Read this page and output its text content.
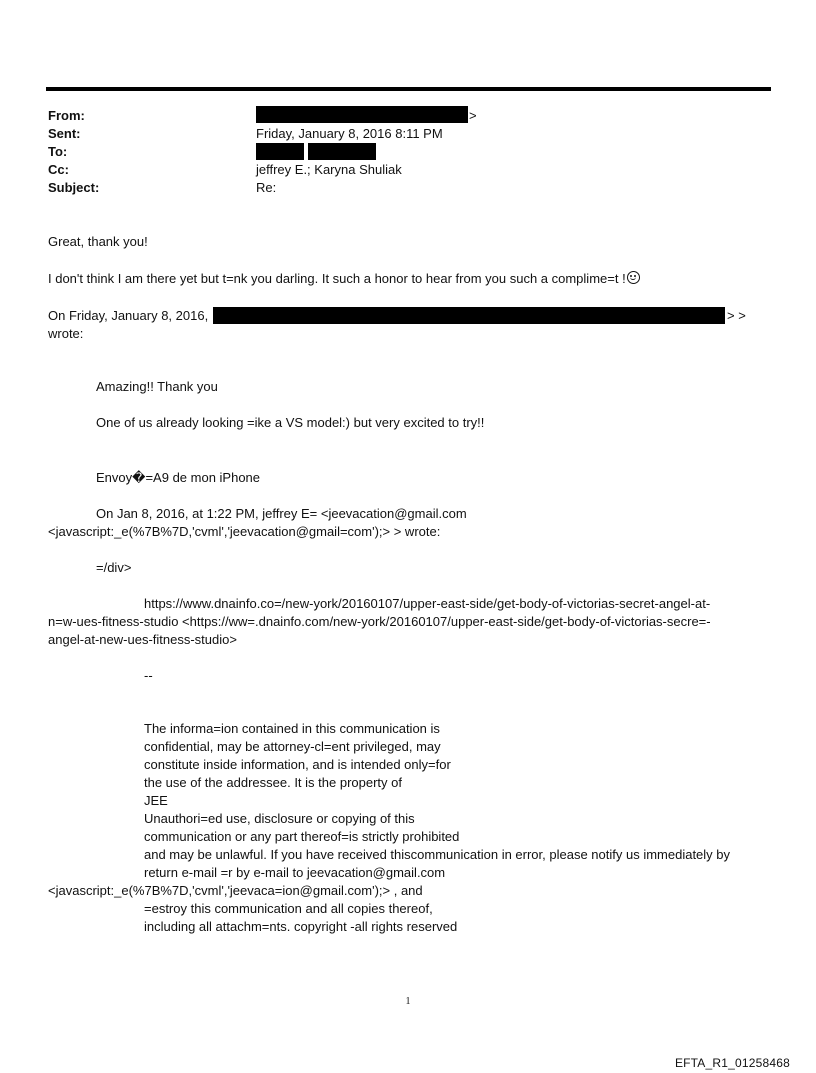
From:	>
Sent:	Friday, January 8, 2016 8:11 PM
To:
Cc:	jeffrey E.; Karyna Shuliak
Subject:	Re:
Great, thank you!
I don't think I am there yet but t=nk you darling. It such a honor to hear from you such a complime=t !
On Friday, January 8, 2016,	> >
wrote:
Amazing!! Thank you
One of us already looking =ike a VS model:) but very excited to try!!
Envoy�=A9 de mon iPhone
On Jan 8, 2016, at 1:22 PM, jeffrey E= <jeevacation@gmail.com
<javascript:_e(%7B%7D,'cvml','jeevacation@gmail=com');> > wrote:
=/div>
https://www.dnainfo.co=/new-york/20160107/upper-east-side/get-body-of-victorias-secret-angel-at-
n=w-ues-fitness-studio <https://ww=.dnainfo.com/new-york/20160107/upper-east-side/get-body-of-victorias-secre=-
angel-at-new-ues-fitness-studio>
--
The informa=ion contained in this communication is
confidential, may be attorney-cl=ent privileged, may
constitute inside information, and is intended only=for
the use of the addressee. It is the property of
JEE
Unauthori=ed use, disclosure or copying of this
communication or any part thereof=is strictly prohibited
and may be unlawful. If you have received thiscommunication in error, please notify us immediately by
return e-mail =r by e-mail to jeevacation@gmail.com
<javascript:_e(%7B%7D,'cvml','jeevaca=ion@gmail.com');> , and
=estroy this communication and all copies thereof,
including all attachm=nts. copyright -all rights reserved
1
EFTA_R1_01258468
